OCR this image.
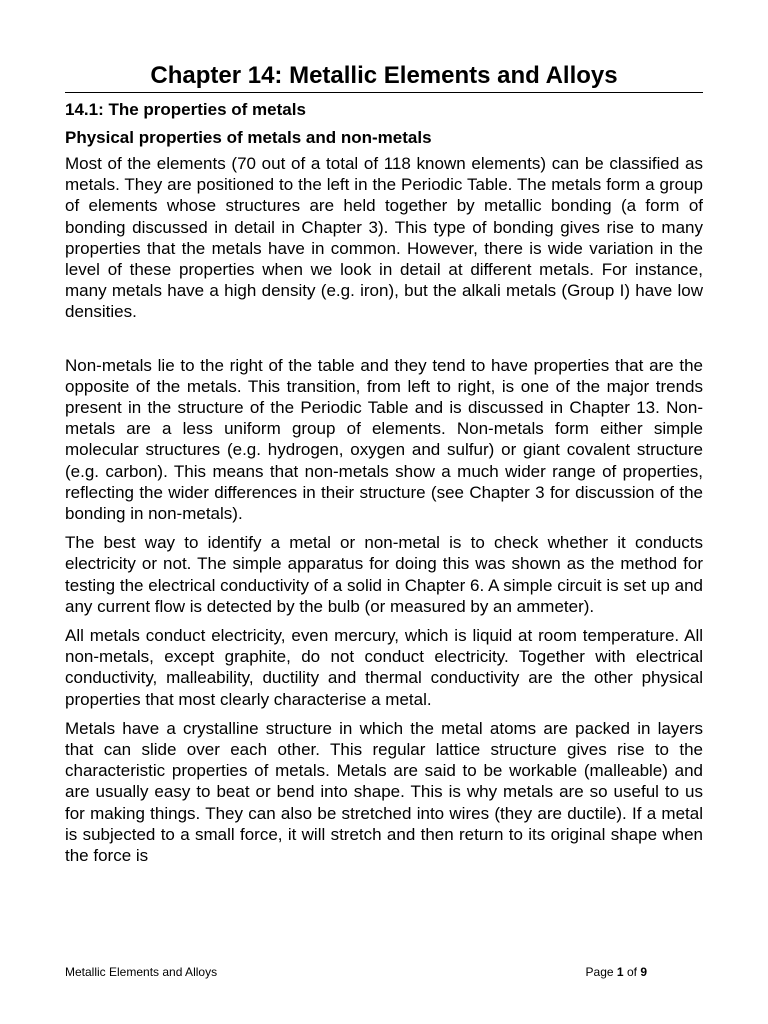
Chapter 14: Metallic Elements and Alloys
14.1: The properties of metals
Physical properties of metals and non-metals

Most of the elements (70 out of a total of 118 known elements) can be classified as metals. They are positioned to the left in the Periodic Table. The metals form a group of elements whose structures are held together by metallic bonding (a form of bonding discussed in detail in Chapter 3). This type of bonding gives rise to many properties that the metals have in common. However, there is wide variation in the level of these properties when we look in detail at different metals. For instance, many metals have a high density (e.g. iron), but the alkali metals (Group I) have low densities.

Non-metals lie to the right of the table and they tend to have properties that are the opposite of the metals. This transition, from left to right, is one of the major trends present in the structure of the Periodic Table and is discussed in Chapter 13. Non-metals are a less uniform group of elements. Non-metals form either simple molecular structures (e.g. hydrogen, oxygen and sulfur) or giant covalent structure (e.g. carbon). This means that non-metals show a much wider range of properties, reflecting the wider differences in their structure (see Chapter 3 for discussion of the bonding in non-metals).

The best way to identify a metal or non-metal is to check whether it conducts electricity or not. The simple apparatus for doing this was shown as the method for testing the electrical conductivity of a solid in Chapter 6. A simple circuit is set up and any current flow is detected by the bulb (or measured by an ammeter).

All metals conduct electricity, even mercury, which is liquid at room temperature. All non-metals, except graphite, do not conduct electricity. Together with electrical conductivity, malleability, ductility and thermal conductivity are the other physical properties that most clearly characterise a metal.

Metals have a crystalline structure in which the metal atoms are packed in layers that can slide over each other. This regular lattice structure gives rise to the characteristic properties of metals. Metals are said to be workable (malleable) and are usually easy to beat or bend into shape. This is why metals are so useful to us for making things. They can also be stretched into wires (they are ductile). If a metal is subjected to a small force, it will stretch and then return to its original shape when the force is

Metallic Elements and Alloys	Page 1 of 9
